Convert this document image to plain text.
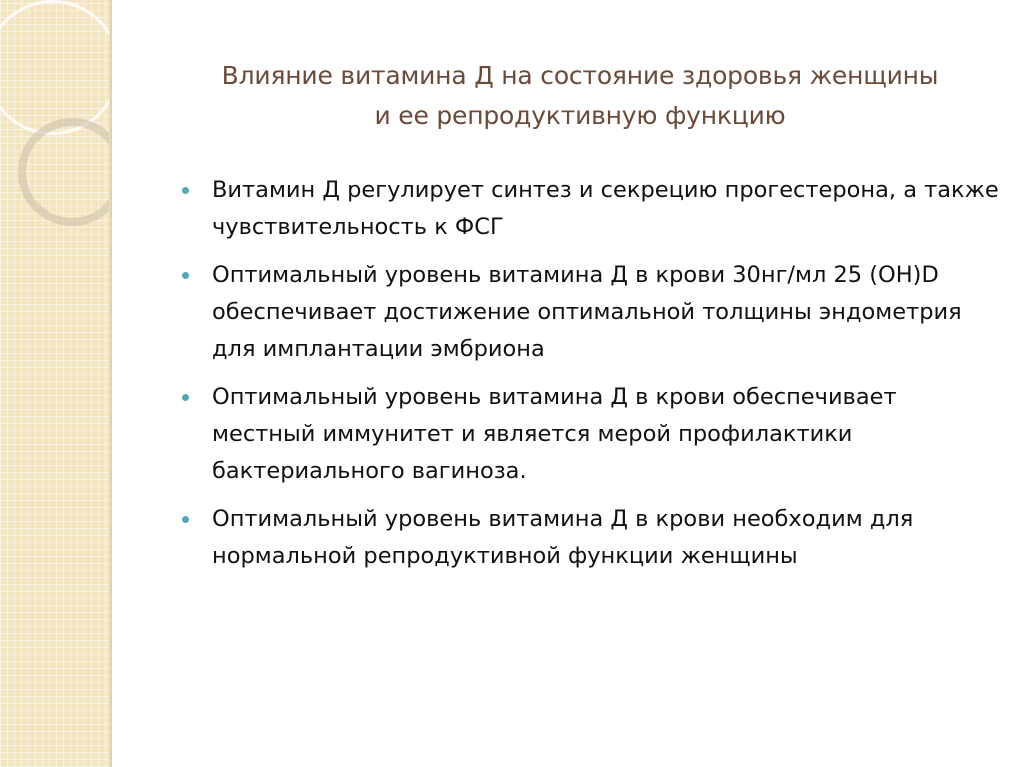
Влияние витамина Д на состояние здоровья женщины
и ее репродуктивную функцию
Витамин Д регулирует синтез и секрецию прогестерона, а также чувствительность к ФСГ
Оптимальный уровень витамина Д в крови 30нг/мл 25 (ОН)D обеспечивает достижение оптимальной толщины эндометрия для имплантации эмбриона
Оптимальный уровень витамина Д в крови обеспечивает местный иммунитет и является мерой профилактики бактериального вагиноза.
Оптимальный уровень витамина Д в крови необходим для нормальной репродуктивной функции женщины
